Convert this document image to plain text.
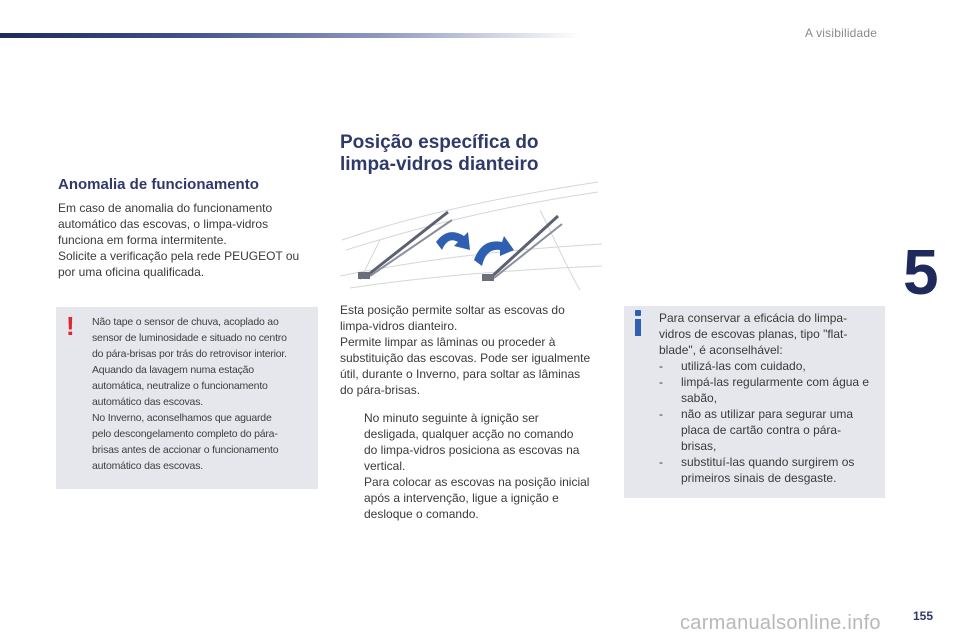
A visibilidade
5
Anomalia de funcionamento
Em caso de anomalia do funcionamento
automático das escovas, o limpa-vidros
funciona em forma intermitente.
Solicite a verificação pela rede PEUGEOT ou
por uma oficina qualificada.
! Não tape o sensor de chuva, acoplado ao
sensor de luminosidade e situado no centro
do pára-brisas por trás do retrovisor interior.
Aquando da lavagem numa estação
automática, neutralize o funcionamento
automático das escovas.
No Inverno, aconselhamos que aguarde
pelo descongelamento completo do pára-
brisas antes de accionar o funcionamento
automático das escovas.
Posição específica do
limpa-vidros dianteiro
Esta posição permite soltar as escovas do
limpa-vidros dianteiro.
Permite limpar as lâminas ou proceder à
substituição das escovas. Pode ser igualmente
útil, durante o Inverno, para soltar as lâminas
do pára-brisas.
No minuto seguinte à ignição ser
desligada, qualquer acção no comando
do limpa-vidros posiciona as escovas na
vertical.
Para colocar as escovas na posição inicial
após a intervenção, ligue a ignição e
desloque o comando.
Para conservar a eficácia do limpa-
vidros de escovas planas, tipo "flat-
blade", é aconselhável:
-	utilizá-las com cuidado,
-	limpá-las regularmente com água e
sabão,
-	não as utilizar para segurar uma
placa de cartão contra o pára-
brisas,
-	substituí-las quando surgirem os
primeiros sinais de desgaste.
carmanualsonline.info	155
